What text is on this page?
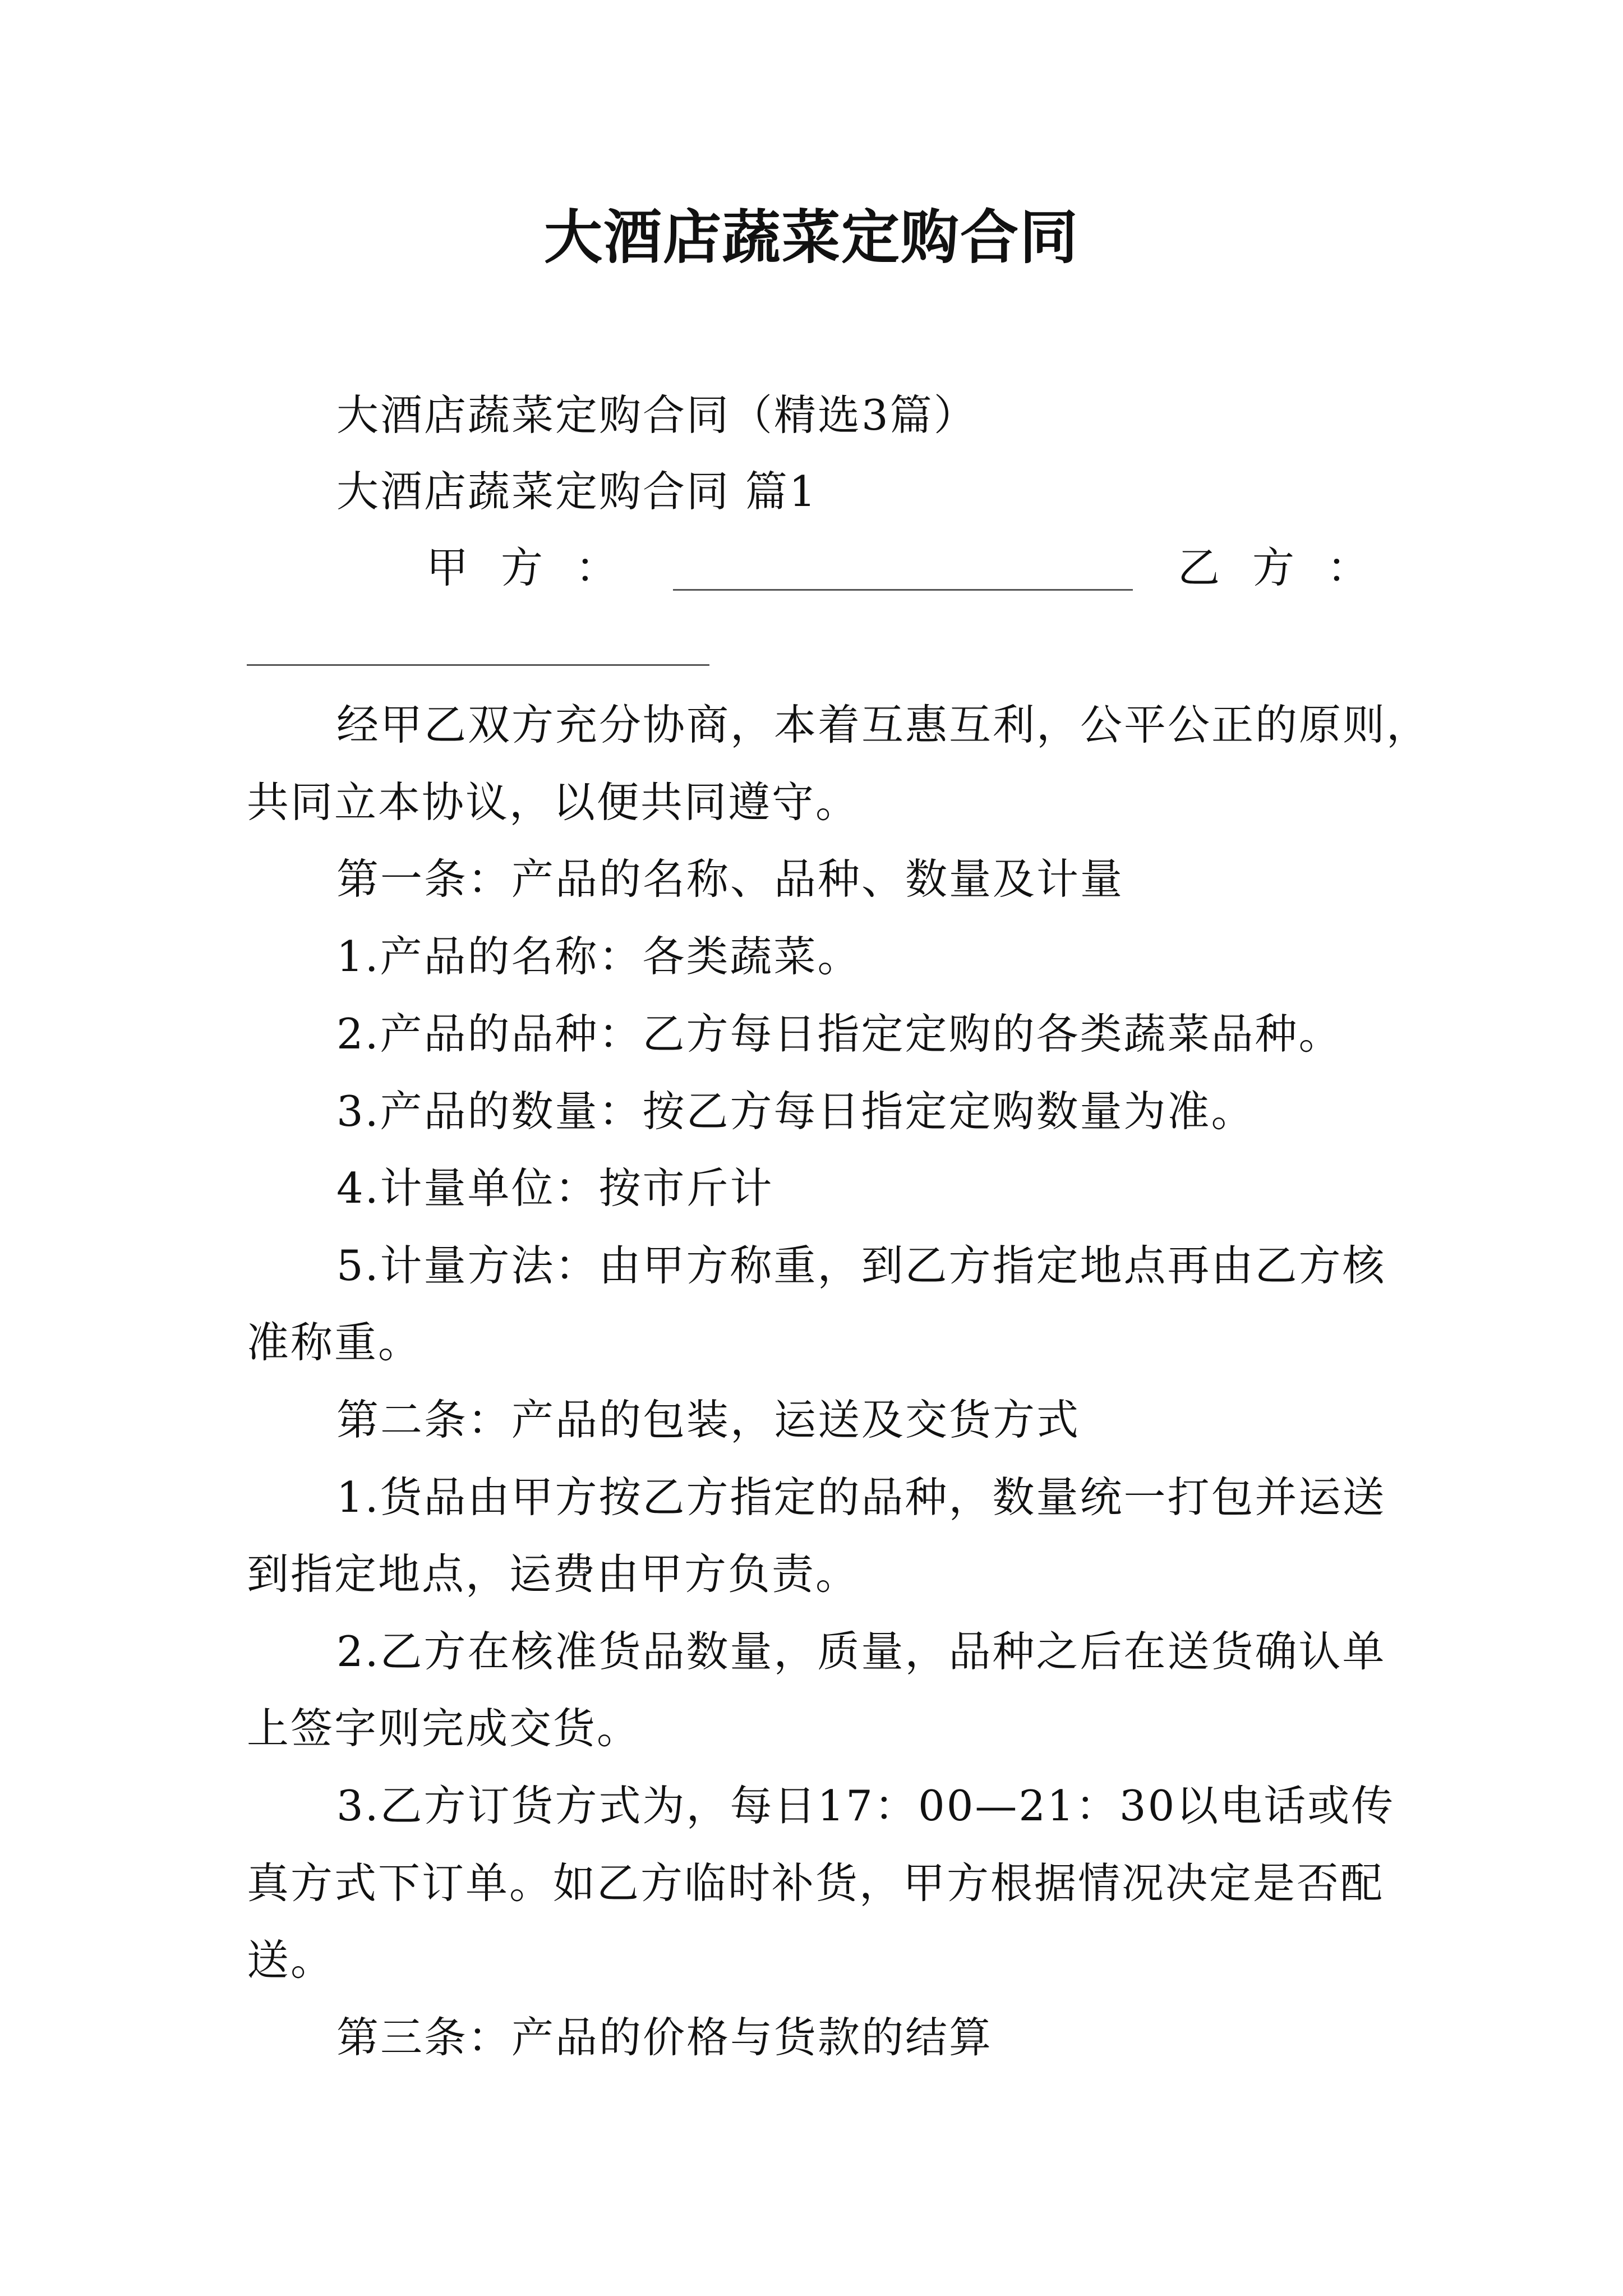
大酒店蔬菜定购合同

大酒店蔬菜定购合同（精选3篇）

大酒店蔬菜定购合同 篇1

甲方：	乙方：

经甲乙双方充分协商，本着互惠互利，公平公正的原则，

共同立本协议，以便共同遵守。

第一条：产品的名称、品种、数量及计量

1.产品的名称：各类蔬菜。

2.产品的品种：乙方每日指定定购的各类蔬菜品种。

3.产品的数量：按乙方每日指定定购数量为准。

4.计量单位：按市斤计

5.计量方法：由甲方称重，到乙方指定地点再由乙方核

准称重。

第二条：产品的包装，运送及交货方式

1.货品由甲方按乙方指定的品种，数量统一打包并运送

到指定地点，运费由甲方负责。

2.乙方在核准货品数量，质量，品种之后在送货确认单

上签字则完成交货。

3.乙方订货方式为，每日17：00—21：30以电话或传

真方式下订单。如乙方临时补货，甲方根据情况决定是否配

送。

第三条：产品的价格与货款的结算
